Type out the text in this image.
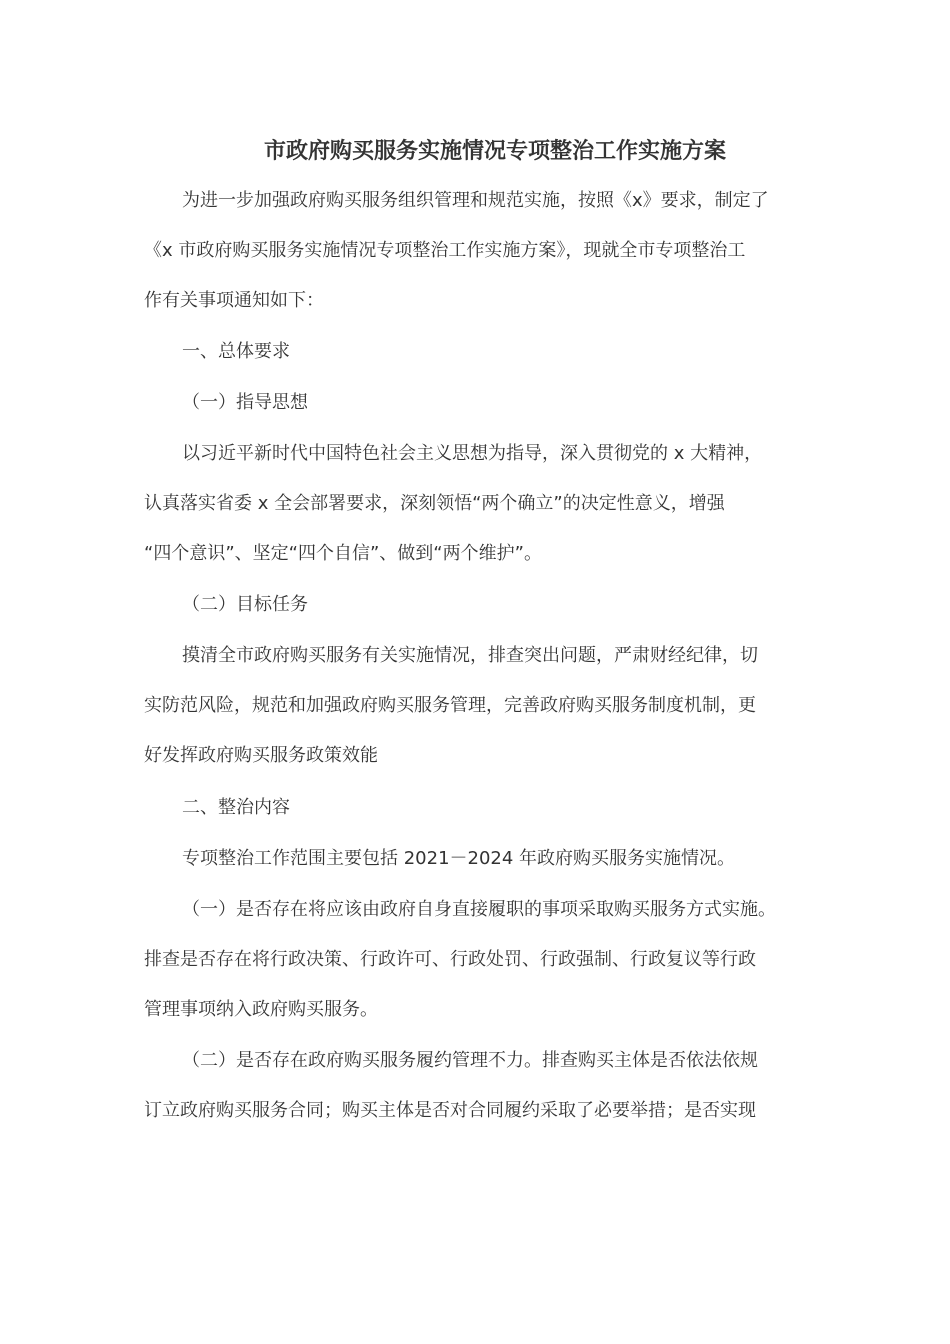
市政府购买服务实施情况专项整治工作实施方案
为进一步加强政府购买服务组织管理和规范实施，按照《x》要求，制定了
《x 市政府购买服务实施情况专项整治工作实施方案》，现就全市专项整治工
作有关事项通知如下：
一、总体要求
（一）指导思想
以习近平新时代中国特色社会主义思想为指导，深入贯彻党的 x 大精神，
认真落实省委 x 全会部署要求，深刻领悟“两个确立”的决定性意义，增强
“四个意识”、坚定“四个自信”、做到“两个维护”。
（二）目标任务
摸清全市政府购买服务有关实施情况，排查突出问题，严肃财经纪律，切
实防范风险，规范和加强政府购买服务管理，完善政府购买服务制度机制，更
好发挥政府购买服务政策效能
二、整治内容
专项整治工作范围主要包括 2021－2024 年政府购买服务实施情况。
（一）是否存在将应该由政府自身直接履职的事项采取购买服务方式实施。
排查是否存在将行政决策、行政许可、行政处罚、行政强制、行政复议等行政
管理事项纳入政府购买服务。
（二）是否存在政府购买服务履约管理不力。排查购买主体是否依法依规
订立政府购买服务合同；购买主体是否对合同履约采取了必要举措；是否实现
